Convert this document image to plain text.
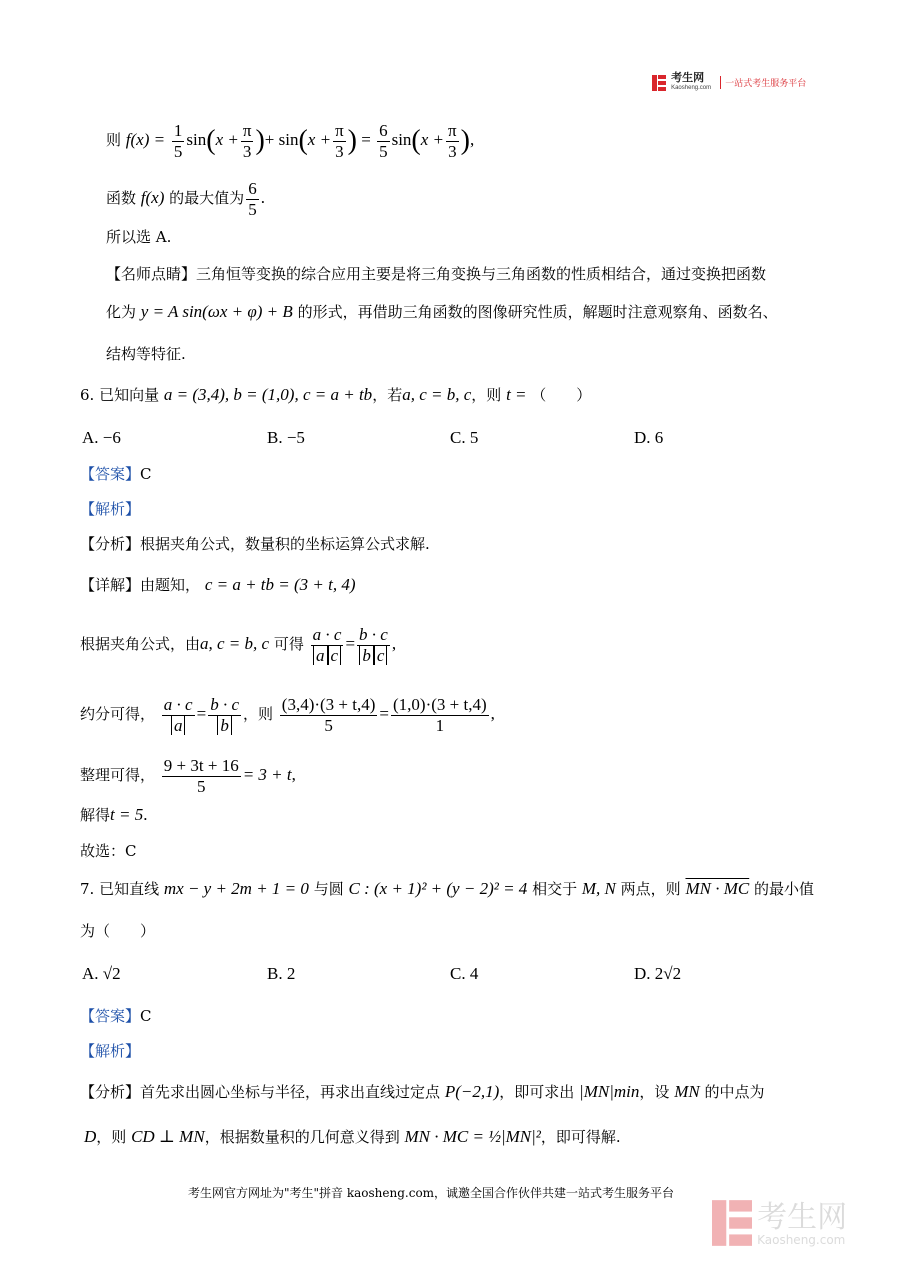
考生网
Kaosheng.com 一站式考生服务平台
则 $f(x) = \frac{1}{5} \sin(x + \frac{\pi}{3}$ )+ $\sin(x + \frac{\pi}{3}$ ) = $\frac{6}{5} \sin(x + \frac{\pi}{3}$ ),
函数 f(x) 的最大值为 $\frac{6}{5}$ .
所以选 A.
【名师点睛】三角恒等变换的综合应用主要是将三角变换与三角函数的性质相结合，通过变换把函数
化为 y = A sin(ωx + φ) + B 的形式，再借助三角函数的图像研究性质，解题时注意观察角、函数名、
结构等特征.
6. 已知向量 a = (3,4), b = (1,0), c = a + tb，若a, c = b, c，则 t = （　　）
A. −6	B. −5	C. 5	D. 6
【答案】C
【解析】
【分析】根据夹角公式，数量积的坐标运算公式求解.
【详解】由题知， c = a + tb = (3 + t, 4)
根据夹角公式，由a, c = b, c 可得 $\frac{a \cdot c}{\text{a c}} = \frac{b \cdot c}{\text{b c}}$ ,
约分可得， $\frac{a \cdot c}{a} = \frac{b \cdot c}{b}$ ，则 $\frac{(3,4)\cdot(3 + t,4)}{5} = \frac{(1,0)\cdot(3 + t,4)}{1}$ ,
整理可得， $\frac{9 + 3t + 16}{5} = 3 + t$,
解得t = 5.
故选：C
7. 已知直线 mx − y + 2m + 1 = 0 与圆 C : (x + 1)² + (y − 2)² = 4 相交于 M, N 两点，则 MN · MC 的最小值
为（　　）
A. √2	B. 2	C. 4	D. 2√2
【答案】C
【解析】
【分析】首先求出圆心坐标与半径，再求出直线过定点 P(−2,1)，即可求出 |MN|min，设 MN 的中点为
D，则 CD ⊥ MN，根据数量积的几何意义得到 MN · MC = ½|MN|²，即可得解.
考生网官方网址为"考生"拼音 kaosheng.com，诚邀全国合作伙伴共建一站式考生服务平台

考生网
Kaosheng.com
